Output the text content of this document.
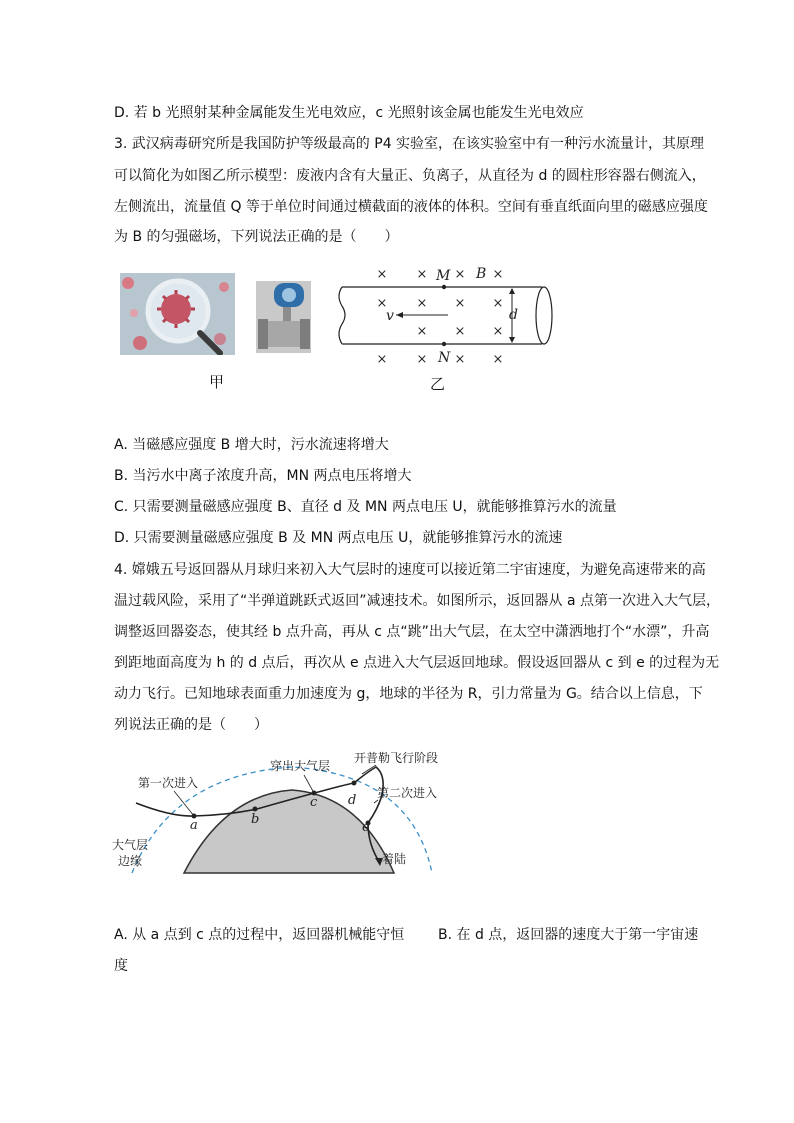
D. 若 b 光照射某种金属能发生光电效应，c 光照射该金属也能发生光电效应
3. 武汉病毒研究所是我国防护等级最高的 P4 实验室，在该实验室中有一种污水流量计，其原理
可以简化为如图乙所示模型：废液内含有大量正、负离子，从直径为 d 的圆柱形容器右侧流入，
左侧流出，流量值 Q 等于单位时间通过横截面的液体的体积。空间有垂直纸面向里的磁感应强度
为 B 的匀强磁场，下列说法正确的是（　　）
甲
× × × ×
× × × ×
× × ×
× × × ×
v	d
M
N
B
乙
A. 当磁感应强度 B 增大时，污水流速将增大
B. 当污水中离子浓度升高，MN 两点电压将增大
C. 只需要测量磁感应强度 B、直径 d 及 MN 两点电压 U，就能够推算污水的流量
D. 只需要测量磁感应强度 B 及 MN 两点电压 U，就能够推算污水的流速
4. 嫦娥五号返回器从月球归来初入大气层时的速度可以接近第二宇宙速度，为避免高速带来的高
温过载风险，采用了“半弹道跳跃式返回”减速技术。如图所示，返回器从 a 点第一次进入大气层，
调整返回器姿态，使其经 b 点升高，再从 c 点“跳”出大气层，在太空中潇洒地打个“水漂”，升高
到距地面高度为 h 的 d 点后，再次从 e 点进入大气层返回地球。假设返回器从 c 到 e 的过程为无
动力飞行。已知地球表面重力加速度为 g，地球的半径为 R，引力常量为 G。结合以上信息，下
列说法正确的是（　　）
a	b
c d
e
第一次进入
穿出大气层
开普勒飞行阶段
第二次进入
大气层
边缘	着陆
A. 从 a 点到 c 点的过程中，返回器机械能守恒 B. 在 d 点，返回器的速度大于第一宇宙速
度
